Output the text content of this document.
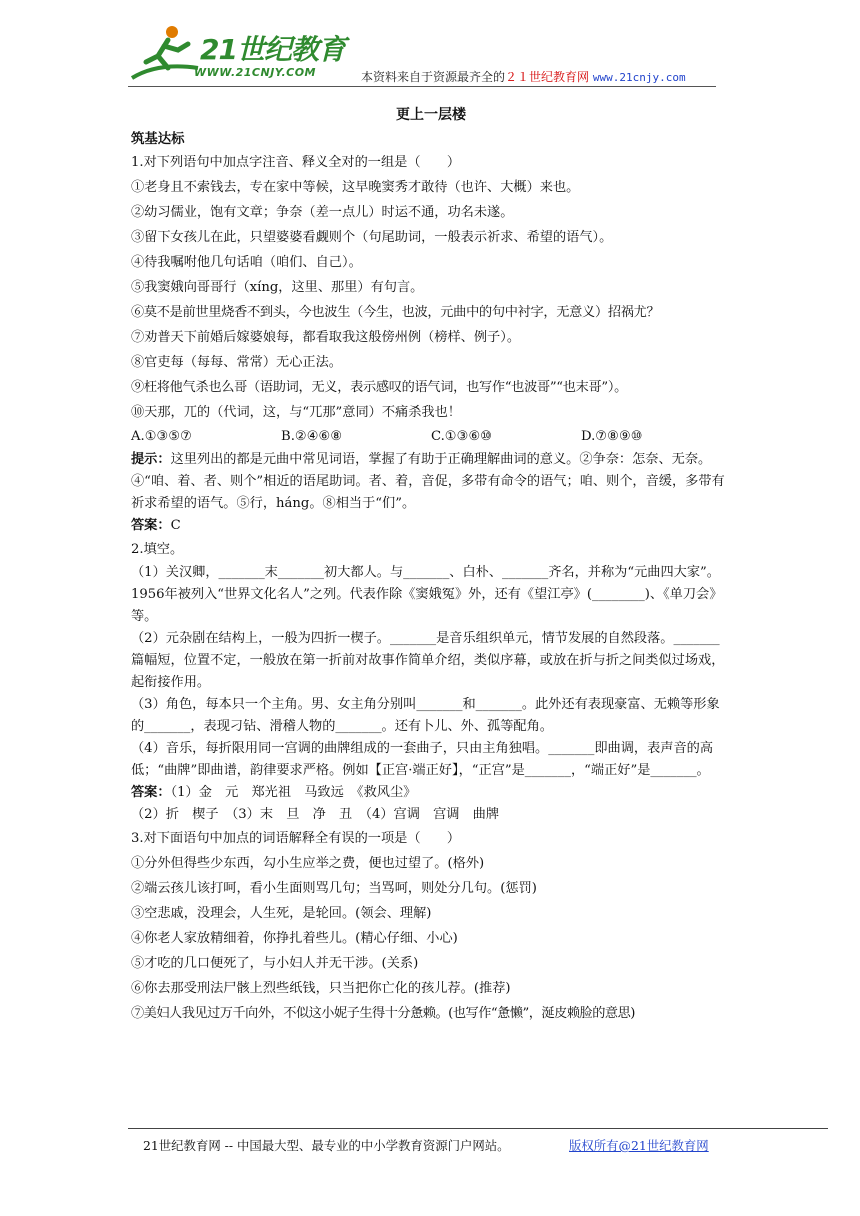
21世纪教育
WWW.21CNJY.COM	本资料来自于资源最齐全的２１世纪教育网 www.21cnjy.com

更上一层楼

筑基达标

1.对下列语句中加点字注音、释义全对的一组是（　　）

①老身且不索钱去，专在家中等候，这早晚窦秀才敢待（也许、大概）来也。

②幼习儒业，饱有文章；争奈（差一点儿）时运不通，功名未遂。

③留下女孩儿在此，只望婆婆看觑则个（句尾助词，一般表示祈求、希望的语气）。

④待我嘱咐他几句话咱（咱们、自己）。

⑤我窦娥向哥哥行（xíng，这里、那里）有句言。

⑥莫不是前世里烧香不到头，今也波生（今生，也波，元曲中的句中衬字，无意义）招祸尤？

⑦劝普天下前婚后嫁婆娘每，都看取我这般傍州例（榜样、例子）。

⑧官吏每（每每、常常）无心正法。

⑨枉将他气杀也么哥（语助词，无义，表示感叹的语气词，也写作“也波哥”“也末哥”）。

⑩天那，兀的（代词，这，与“兀那”意同）不痛杀我也！

A.①③⑤⑦	B.②④⑥⑧	C.①③⑥⑩	D.⑦⑧⑨⑩

提示：这里列出的都是元曲中常见词语，掌握了有助于正确理解曲词的意义。②争奈：怎奈、无奈。④“咱、着、者、则个”相近的语尾助词。者、着，音促，多带有命令的语气；咱、则个，音缓，多带有祈求希望的语气。⑤行，háng。⑧相当于“们”。

答案：C

2.填空。

（1）关汉卿，_______末_______初大都人。与_______、白朴、_______齐名，并称为“元曲四大家”。1956年被列入“世界文化名人”之列。代表作除《窦娥冤》外，还有《望江亭》(________)、《单刀会》等。

（2）元杂剧在结构上，一般为四折一楔子。_______是音乐组织单元，情节发展的自然段落。_______篇幅短，位置不定，一般放在第一折前对故事作简单介绍，类似序幕，或放在折与折之间类似过场戏，起衔接作用。

（3）角色，每本只一个主角。男、女主角分别叫_______和_______。此外还有表现豪富、无赖等形象的_______，表现刁钻、滑稽人物的_______。还有卜儿、外、孤等配角。

（4）音乐，每折限用同一宫调的曲牌组成的一套曲子，只由主角独唱。_______即曲调，表声音的高低；“曲牌”即曲谱，韵律要求严格。例如【正宫·端正好】，“正宫”是_______，“端正好”是_______。

答案：（1）金　元　郑光祖　马致远　《救风尘》

（2）折　楔子　（3）末　旦　净　丑　（4）宫调　宫调　曲牌

3.对下面语句中加点的词语解释全有误的一项是（　　）

①分外但得些少东西，勾小生应举之费，便也过望了。(格外)

②端云孩儿该打呵，看小生面则骂几句；当骂呵，则处分几句。(惩罚)

③空悲戚，没理会，人生死，是轮回。(领会、理解)

④你老人家放精细着，你挣扎着些儿。(精心仔细、小心)

⑤才吃的几口便死了，与小妇人并无干涉。(关系)

⑥你去那受刑法尸骸上烈些纸钱，只当把你亡化的孩儿荐。(推荐)

⑦美妇人我见过万千向外，不似这小妮子生得十分惫赖。(也写作“惫懒”，涎皮赖脸的意思)

21世纪教育网 -- 中国最大型、最专业的中小学教育资源门户网站。	版权所有@21世纪教育网
